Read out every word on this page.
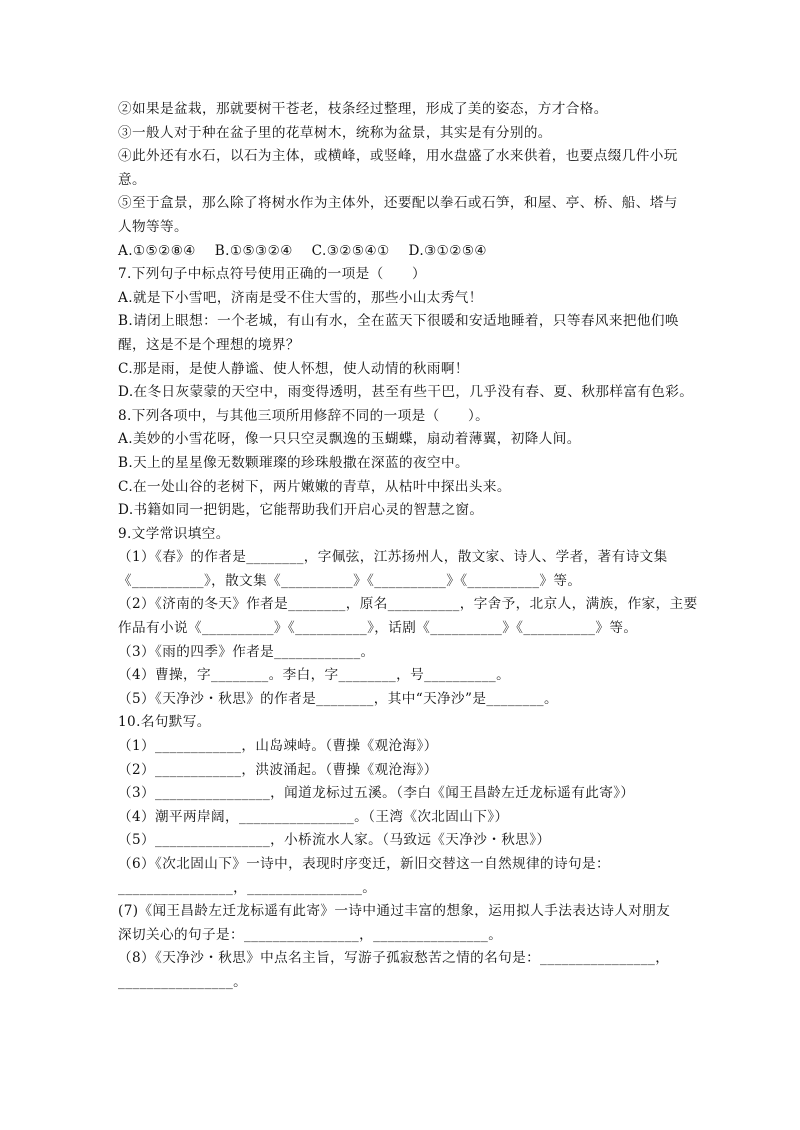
②如果是盆栽，那就要树干苍老，枝条经过整理，形成了美的姿态，方才合格。
③一般人对于种在盆子里的花草树木，统称为盆景，其实是有分别的。
④此外还有水石，以石为主体，或横峰，或竖峰，用水盘盛了水来供着，也要点缀几件小玩
意。
⑤至于盒景，那么除了将树水作为主体外，还要配以拳石或石笋，和屋、亭、桥、船、塔与
人物等等。
A.①⑤②⑧④    B.①⑤③②④    C.③②⑤④①    D.③①②⑤④
7.下列句子中标点符号使用正确的一项是（      ）
A.就是下小雪吧，济南是受不住大雪的，那些小山太秀气！
B.请闭上眼想：一个老城，有山有水，全在蓝天下很暖和安适地睡着，只等春风来把他们唤
醒，这是不是个理想的境界？
C.那是雨，是使人静谧、使人怀想，使人动情的秋雨啊！
D.在冬日灰蒙蒙的天空中，雨变得透明，甚至有些干巴，几乎没有春、夏、秋那样富有色彩。
8.下列各项中，与其他三项所用修辞不同的一项是（      ）。
A.美妙的小雪花呀，像一只只空灵飘逸的玉蝴蝶，扇动着薄翼，初降人间。
B.天上的星星像无数颗璀璨的珍珠般撒在深蓝的夜空中。
C.在一处山谷的老树下，两片嫩嫩的青草，从枯叶中探出头来。
D.书籍如同一把钥匙，它能帮助我们开启心灵的智慧之窗。
9.文学常识填空。
（1）《春》的作者是________，字佩弦，江苏扬州人，散文家、诗人、学者，著有诗文集
《__________》，散文集《__________》《__________》《__________》等。
（2）《济南的冬天》作者是________，原名__________，字舍予，北京人，满族，作家，主要
作品有小说《__________》《__________》，话剧《__________》《__________》等。
（3）《雨的四季》作者是____________。
（4）曹操，字________。李白，字________，号__________。
（5）《天净沙・秋思》的作者是________，其中“天净沙”是________。
10.名句默写。
（1）____________，山岛竦峙。（曹操《观沧海》）
（2）____________，洪波涌起。（曹操《观沧海》）
（3）________________，闻道龙标过五溪。（李白《闻王昌龄左迁龙标遥有此寄》）
（4）潮平两岸阔，________________。（王湾《次北固山下》）
（5）________________，小桥流水人家。（马致远《天净沙・秋思》）
（6）《次北固山下》一诗中，表现时序变迁，新旧交替这一自然规律的诗句是：
________________，________________。
(7)《闻王昌龄左迁龙标遥有此寄》一诗中通过丰富的想象，运用拟人手法表达诗人对朋友
深切关心的句子是：________________，________________。
（8）《天净沙・秋思》中点名主旨，写游子孤寂愁苦之情的名句是：________________，
________________。
